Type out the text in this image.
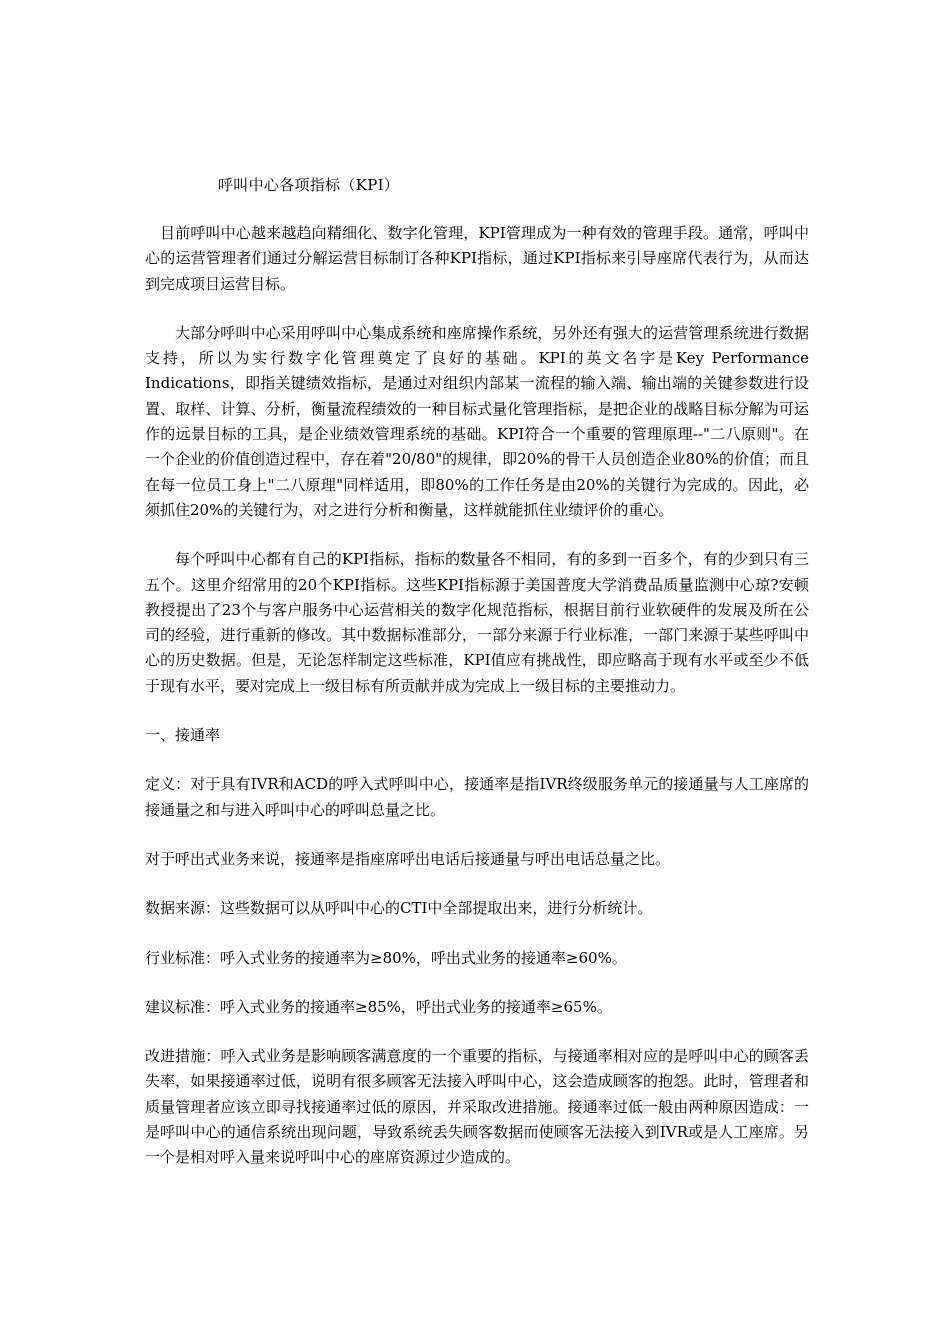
呼叫中心各项指标（KPI）

目前呼叫中心越来越趋向精细化、数字化管理，KPI管理成为一种有效的管理手段。通常，呼叫中心的运营管理者们通过分解运营目标制订各种KPI指标，通过KPI指标来引导座席代表行为，从而达到完成项目运营目标。

大部分呼叫中心采用呼叫中心集成系统和座席操作系统，另外还有强大的运营管理系统进行数据支持，所以为实行数字化管理奠定了良好的基础。KPI的英文名字是Key Performance Indications，即指关键绩效指标，是通过对组织内部某一流程的输入端、输出端的关键参数进行设置、取样、计算、分析，衡量流程绩效的一种目标式量化管理指标，是把企业的战略目标分解为可运作的远景目标的工具，是企业绩效管理系统的基础。KPI符合一个重要的管理原理--"二八原则"。在一个企业的价值创造过程中，存在着"20/80"的规律，即20%的骨干人员创造企业80%的价值；而且在每一位员工身上"二八原理"同样适用，即80%的工作任务是由20%的关键行为完成的。因此，必须抓住20%的关键行为，对之进行分析和衡量，这样就能抓住业绩评价的重心。

每个呼叫中心都有自己的KPI指标，指标的数量各不相同，有的多到一百多个，有的少到只有三五个。这里介绍常用的20个KPI指标。这些KPI指标源于美国普度大学消费品质量监测中心琼?安顿教授提出了23个与客户服务中心运营相关的数字化规范指标，根据目前行业软硬件的发展及所在公司的经验，进行重新的修改。其中数据标准部分，一部分来源于行业标准，一部门来源于某些呼叫中心的历史数据。但是，无论怎样制定这些标准，KPI值应有挑战性，即应略高于现有水平或至少不低于现有水平，要对完成上一级目标有所贡献并成为完成上一级目标的主要推动力。

一、接通率

定义：对于具有IVR和ACD的呼入式呼叫中心，接通率是指IVR终级服务单元的接通量与人工座席的接通量之和与进入呼叫中心的呼叫总量之比。

对于呼出式业务来说，接通率是指座席呼出电话后接通量与呼出电话总量之比。

数据来源：这些数据可以从呼叫中心的CTI中全部提取出来，进行分析统计。

行业标准：呼入式业务的接通率为≥80%，呼出式业务的接通率≥60%。

建议标准：呼入式业务的接通率≥85%，呼出式业务的接通率≥65%。

改进措施：呼入式业务是影响顾客满意度的一个重要的指标，与接通率相对应的是呼叫中心的顾客丢失率，如果接通率过低，说明有很多顾客无法接入呼叫中心，这会造成顾客的抱怨。此时，管理者和质量管理者应该立即寻找接通率过低的原因，并采取改进措施。接通率过低一般由两种原因造成：一是呼叫中心的通信系统出现问题，导致系统丢失顾客数据而使顾客无法接入到IVR或是人工座席。另一个是相对呼入量来说呼叫中心的座席资源过少造成的。
